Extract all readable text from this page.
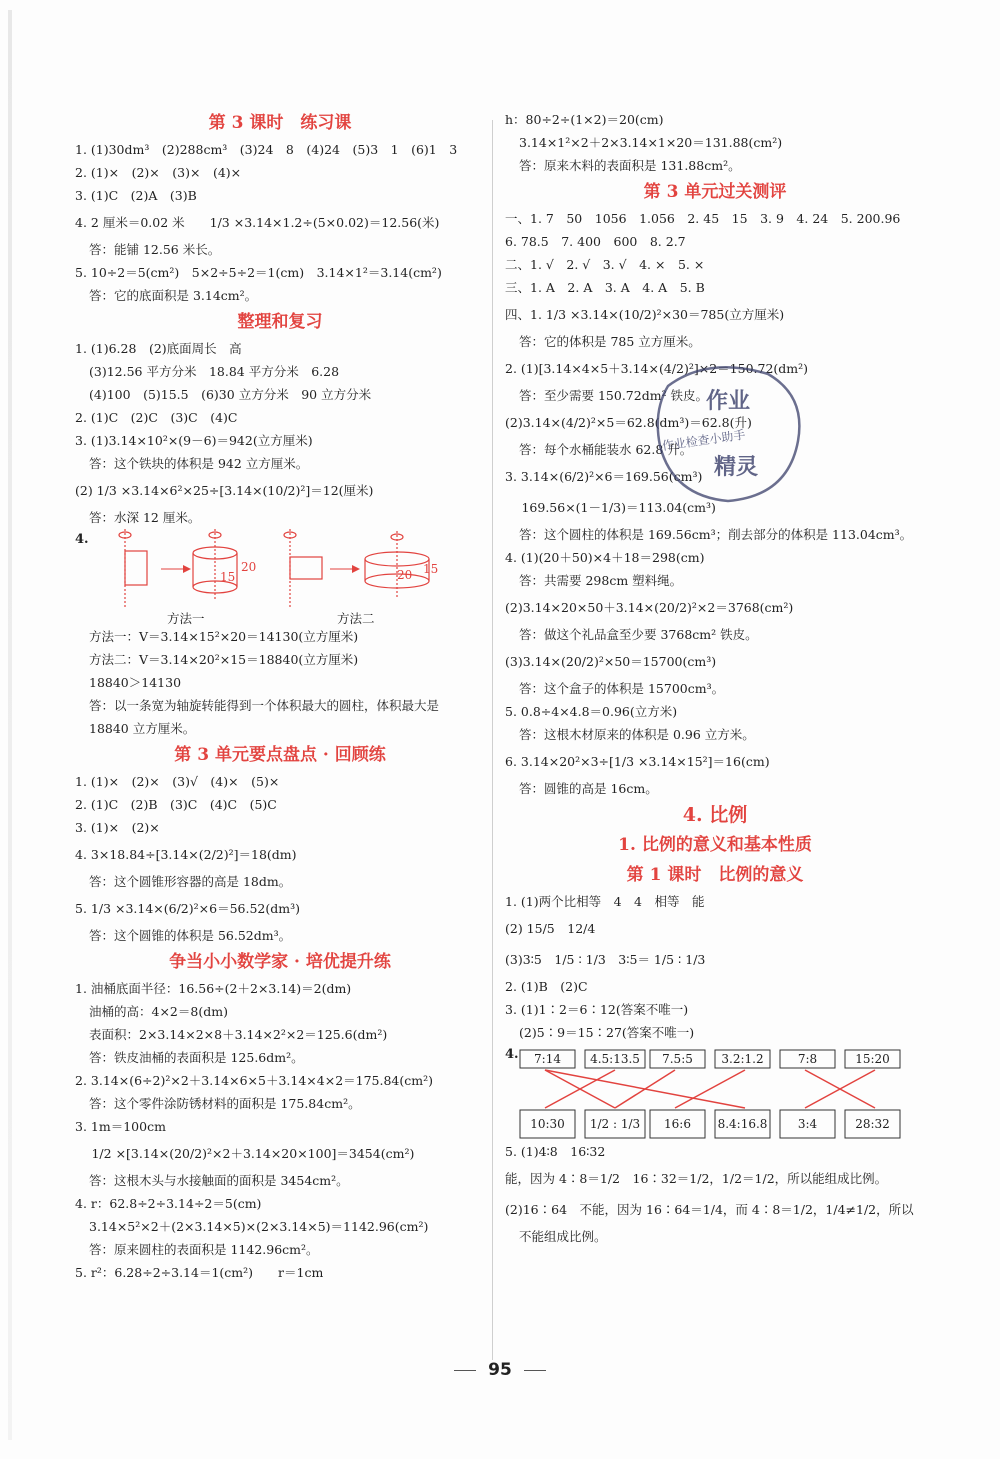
第 3 课时　练习课
1. (1)30dm³　(2)288cm³　(3)24　8　(4)24　(5)3　1　(6)1　3
2. (1)×　(2)×　(3)×　(4)×
3. (1)C　(2)A　(3)B
4. 2 厘米＝0.02 米　　1/3 ×3.14×1.2÷(5×0.02)＝12.56(米)
答：能铺 12.56 米长。
5. 10÷2＝5(cm²)　5×2÷5÷2＝1(cm)　3.14×1²＝3.14(cm²)
答：它的底面积是 3.14cm²。
整理和复习
1. (1)6.28　(2)底面周长　高
(3)12.56 平方分米　18.84 平方分米　6.28
(4)100　(5)15.5　(6)30 立方分米　90 立方分米
2. (1)C　(2)C　(3)C　(4)C
3. (1)3.14×10²×(9－6)＝942(立方厘米)
答：这个铁块的体积是 942 立方厘米。
(2) 1/3 ×3.14×6²×25÷[3.14×(10/2)²]＝12(厘米)
答：水深 12 厘米。
4.
15
20
20 15
方法一	方法二
方法一：V＝3.14×15²×20＝14130(立方厘米)
方法二：V＝3.14×20²×15＝18840(立方厘米)
18840＞14130
答：以一条宽为轴旋转能得到一个体积最大的圆柱，体积最大是
18840 立方厘米。
第 3 单元要点盘点 · 回顾练
1. (1)×　(2)×　(3)√　(4)×　(5)×
2. (1)C　(2)B　(3)C　(4)C　(5)C
3. (1)×　(2)×
4. 3×18.84÷[3.14×(2/2)²]＝18(dm)
答：这个圆锥形容器的高是 18dm。
5. 1/3 ×3.14×(6/2)²×6＝56.52(dm³)
答：这个圆锥的体积是 56.52dm³。
争当小小数学家 · 培优提升练
1. 油桶底面半径：16.56÷(2＋2×3.14)＝2(dm)
油桶的高：4×2＝8(dm)
表面积：2×3.14×2×8＋3.14×2²×2＝125.6(dm²)
答：铁皮油桶的表面积是 125.6dm²。
2. 3.14×(6÷2)²×2＋3.14×6×5＋3.14×4×2＝175.84(cm²)
答：这个零件涂防锈材料的面积是 175.84cm²。
3. 1m＝100cm
　 1/2 ×[3.14×(20/2)²×2＋3.14×20×100]＝3454(cm²)
答：这根木头与水接触面的面积是 3454cm²。
4. r：62.8÷2÷3.14÷2＝5(cm)
3.14×5²×2＋(2×3.14×5)×(2×3.14×5)＝1142.96(cm²)
答：原来圆柱的表面积是 1142.96cm²。
5. r²：6.28÷2÷3.14＝1(cm²)　　r＝1cm
h：80÷2÷(1×2)＝20(cm)
3.14×1²×2＋2×3.14×1×20＝131.88(cm²)
答：原来木料的表面积是 131.88cm²。
第 3 单元过关测评
一、1. 7　50　1056　1.056　2. 45　15　3. 9　4. 24　5. 200.96
6. 78.5　7. 400　600　8. 2.7
二、1. √　2. √　3. √　4. ×　5. ×
三、1. A　2. A　3. A　4. A　5. B
四、1. 1/3 ×3.14×(10/2)²×30＝785(立方厘米)
答：它的体积是 785 立方厘米。
2. (1)[3.14×4×5＋3.14×(4/2)²]×2＝150.72(dm²)
答：至少需要 150.72dm² 铁皮。
(2)3.14×(4/2)²×5＝62.8(dm³)＝62.8(升)
答：每个水桶能装水 62.8 升。
3. 3.14×(6/2)²×6＝169.56(cm³)
　 169.56×(1－1/3)＝113.04(cm³)
答：这个圆柱的体积是 169.56cm³；削去部分的体积是 113.04cm³。
4. (1)(20＋50)×4＋18＝298(cm)
答：共需要 298cm 塑料绳。
(2)3.14×20×50＋3.14×(20/2)²×2＝3768(cm²)
答：做这个礼品盒至少要 3768cm² 铁皮。
(3)3.14×(20/2)²×50＝15700(cm³)
答：这个盒子的体积是 15700cm³。
5. 0.8÷4×4.8＝0.96(立方米)
答：这根木材原来的体积是 0.96 立方米。
6. 3.14×20²×3÷[1/3 ×3.14×15²]＝16(cm)
答：圆锥的高是 16cm。
4. 比例
1. 比例的意义和基本性质
第 1 课时　比例的意义
1. (1)两个比相等　4　4　相等　能
(2) 15/5　12/4
(3)3∶5　1/5 ∶ 1/3　3∶5＝ 1/5 ∶ 1/3
2. (1)B　(2)C
3. (1)1∶2＝6∶12(答案不唯一)
(2)5∶9＝15∶27(答案不唯一)
4. 7:14
10:30
4.5:13.5
1/2 : 1/3
7.5:5
16:6
3.2:1.2
8.4:16.8
7:8
3:4
15:20
28:32
5. (1)4∶8　16∶32
能，因为 4∶8＝1/2　16∶32＝1/2，1/2＝1/2，所以能组成比例。
(2)16∶64　不能，因为 16∶64＝1/4，而 4∶8＝1/2，1/4≠1/2，所以
不能组成比例。
作业
作业检查小助手
精灵
95
